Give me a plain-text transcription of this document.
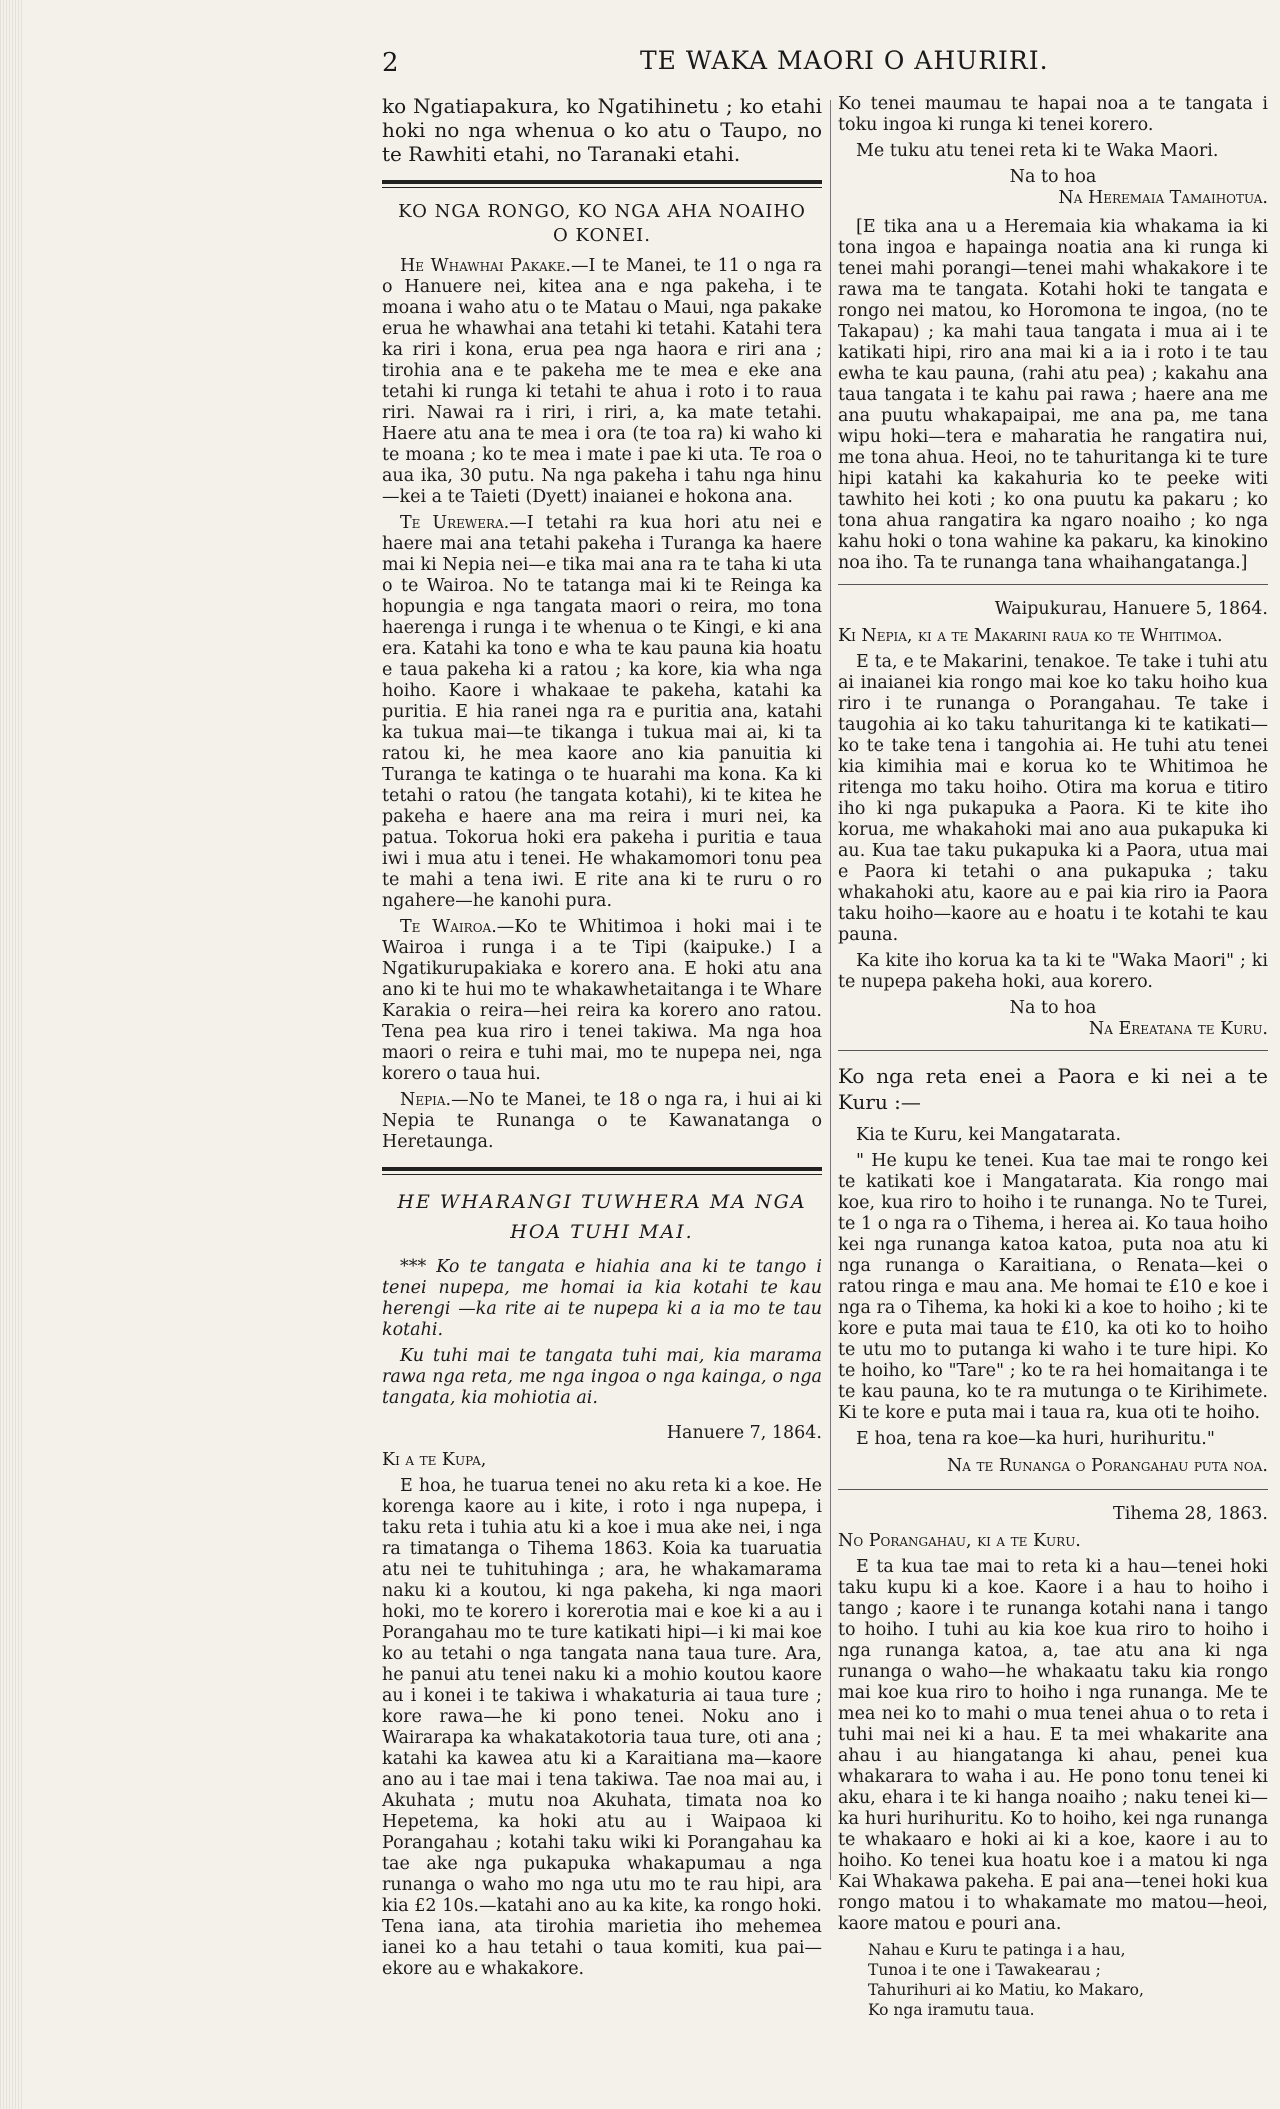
2	TE WAKA MAORI O AHURIRI.

ko Ngatiapakura, ko Ngatihinetu ; ko etahi hoki no nga whenua o ko atu o Taupo, no te Rawhiti etahi, no Taranaki etahi.

KO NGA RONGO, KO NGA AHA NOAIHO
O KONEI.

He Whawhai Pakake.—I te Manei, te 11 o nga ra o Hanuere nei, kitea ana e nga pakeha, i te moana i waho atu o te Matau o Maui, nga pakake erua he whawhai ana tetahi ki tetahi. Katahi tera ka riri i kona, erua pea nga haora e riri ana ; tirohia ana e te pakeha me te mea e eke ana tetahi ki runga ki tetahi te ahua i roto i to raua riri. Nawai ra i riri, i riri, a, ka mate tetahi. Haere atu ana te mea i ora (te toa ra) ki waho ki te moana ; ko te mea i mate i pae ki uta. Te roa o aua ika, 30 putu. Na nga pakeha i tahu nga hinu—kei a te Taieti (Dyett) inaianei e hokona ana.

Te Urewera.—I tetahi ra kua hori atu nei e haere mai ana tetahi pakeha i Turanga ka haere mai ki Nepia nei—e tika mai ana ra te taha ki uta o te Wairoa. No te tatanga mai ki te Reinga ka hopungia e nga tangata maori o reira, mo tona haerenga i runga i te whenua o te Kingi, e ki ana era. Katahi ka tono e wha te kau pauna kia hoatu e taua pakeha ki a ratou ; ka kore, kia wha nga hoiho. Kaore i whakaae te pakeha, katahi ka puritia. E hia ranei nga ra e puritia ana, katahi ka tukua mai—te tikanga i tukua mai ai, ki ta ratou ki, he mea kaore ano kia panuitia ki Turanga te katinga o te huarahi ma kona. Ka ki tetahi o ratou (he tangata kotahi), ki te kitea he pakeha e haere ana ma reira i muri nei, ka patua. Tokorua hoki era pakeha i puritia e taua iwi i mua atu i tenei. He whakamomori tonu pea te mahi a tena iwi. E rite ana ki te ruru o ro ngahere—he kanohi pura.

Te Wairoa.—Ko te Whitimoa i hoki mai i te Wairoa i runga i a te Tipi (kaipuke.) I a Ngatikurupakiaka e korero ana. E hoki atu ana ano ki te hui mo te whakawhetaitanga i te Whare Karakia o reira—hei reira ka korero ano ratou. Tena pea kua riro i tenei takiwa. Ma nga hoa maori o reira e tuhi mai, mo te nupepa nei, nga korero o taua hui.

Nepia.—No te Manei, te 18 o nga ra, i hui ai ki Nepia te Runanga o te Kawanatanga o Heretaunga.

HE WHARANGI TUWHERA MA NGA
HOA TUHI MAI.

*** Ko te tangata e hiahia ana ki te tango i tenei nupepa, me homai ia kia kotahi te kau herengi —ka rite ai te nupepa ki a ia mo te tau kotahi.

Ku tuhi mai te tangata tuhi mai, kia marama rawa nga reta, me nga ingoa o nga kainga, o nga tangata, kia mohiotia ai.

Hanuere 7, 1864.

Ki a te Kupa,

E hoa, he tuarua tenei no aku reta ki a koe. He korenga kaore au i kite, i roto i nga nupepa, i taku reta i tuhia atu ki a koe i mua ake nei, i nga ra timatanga o Tihema 1863. Koia ka tuaruatia atu nei te tuhituhinga ; ara, he whakamarama naku ki a koutou, ki nga pakeha, ki nga maori hoki, mo te korero i korerotia mai e koe ki a au i Porangahau mo te ture katikati hipi—i ki mai koe ko au tetahi o nga tangata nana taua ture. Ara, he panui atu tenei naku ki a mohio koutou kaore au i konei i te takiwa i whakaturia ai taua ture ; kore rawa—he ki pono tenei. Noku ano i Wairarapa ka whakatakotoria taua ture, oti ana ; katahi ka kawea atu ki a Karaitiana ma—kaore ano au i tae mai i tena takiwa. Tae noa mai au, i Akuhata ; mutu noa Akuhata, timata noa ko Hepetema, ka hoki atu au i Waipaoa ki Porangahau ; kotahi taku wiki ki Porangahau ka tae ake nga pukapuka whakapumau a nga runanga o waho mo nga utu mo te rau hipi, ara kia £2 10s.—katahi ano au ka kite, ka rongo hoki. Tena iana, ata tirohia marietia iho mehemea ianei ko a hau tetahi o taua komiti, kua pai—ekore au e whakakore.

Ko tenei maumau te hapai noa a te tangata i toku ingoa ki runga ki tenei korero.

Me tuku atu tenei reta ki te Waka Maori.

Na to hoa

Na Heremaia Tamaihotua.

[E tika ana u a Heremaia kia whakama ia ki tona ingoa e hapainga noatia ana ki runga ki tenei mahi porangi—tenei mahi whakakore i te rawa ma te tangata. Kotahi hoki te tangata e rongo nei matou, ko Horomona te ingoa, (no te Takapau) ; ka mahi taua tangata i mua ai i te katikati hipi, riro ana mai ki a ia i roto i te tau ewha te kau pauna, (rahi atu pea) ; kakahu ana taua tangata i te kahu pai rawa ; haere ana me ana puutu whakapaipai, me ana pa, me tana wipu hoki—tera e maharatia he rangatira nui, me tona ahua. Heoi, no te tahuritanga ki te ture hipi katahi ka kakahuria ko te peeke witi tawhito hei koti ; ko ona puutu ka pakaru ; ko tona ahua rangatira ka ngaro noaiho ; ko nga kahu hoki o tona wahine ka pakaru, ka kinokino noa iho. Ta te runanga tana whaihangatanga.]

Waipukurau, Hanuere 5, 1864.

Ki Nepia, ki a te Makarini raua ko te Whitimoa.

E ta, e te Makarini, tenakoe. Te take i tuhi atu ai inaianei kia rongo mai koe ko taku hoiho kua riro i te runanga o Porangahau. Te take i taugohia ai ko taku tahuritanga ki te katikati—ko te take tena i tangohia ai. He tuhi atu tenei kia kimihia mai e korua ko te Whitimoa he ritenga mo taku hoiho. Otira ma korua e titiro iho ki nga pukapuka a Paora. Ki te kite iho korua, me whakahoki mai ano aua pukapuka ki au. Kua tae taku pukapuka ki a Paora, utua mai e Paora ki tetahi o ana pukapuka ; taku whakahoki atu, kaore au e pai kia riro ia Paora taku hoiho—kaore au e hoatu i te kotahi te kau pauna.

Ka kite iho korua ka ta ki te "Waka Maori" ; ki te nupepa pakeha hoki, aua korero.

Na to hoa

Na Ereatana te Kuru.

Ko nga reta enei a Paora e ki nei a te Kuru :—

Kia te Kuru, kei Mangatarata.

" He kupu ke tenei. Kua tae mai te rongo kei te katikati koe i Mangatarata. Kia rongo mai koe, kua riro to hoiho i te runanga. No te Turei, te 1 o nga ra o Tihema, i herea ai. Ko taua hoiho kei nga runanga katoa katoa, puta noa atu ki nga runanga o Karaitiana, o Renata—kei o ratou ringa e mau ana. Me homai te £10 e koe i nga ra o Tihema, ka hoki ki a koe to hoiho ; ki te kore e puta mai taua te £10, ka oti ko to hoiho te utu mo to putanga ki waho i te ture hipi. Ko te hoiho, ko "Tare" ; ko te ra hei homaitanga i te te kau pauna, ko te ra mutunga o te Kirihimete. Ki te kore e puta mai i taua ra, kua oti te hoiho.

E hoa, tena ra koe—ka huri, hurihuritu."

Na te Runanga o Porangahau puta noa.

Tihema 28, 1863.

No Porangahau, ki a te Kuru.

E ta kua tae mai to reta ki a hau—tenei hoki taku kupu ki a koe. Kaore i a hau to hoiho i tango ; kaore i te runanga kotahi nana i tango to hoiho. I tuhi au kia koe kua riro to hoiho i nga runanga katoa, a, tae atu ana ki nga runanga o waho—he whakaatu taku kia rongo mai koe kua riro to hoiho i nga runanga. Me te mea nei ko to mahi o mua tenei ahua o to reta i tuhi mai nei ki a hau. E ta mei whakarite ana ahau i au hiangatanga ki ahau, penei kua whakarara to waha i au. He pono tonu tenei ki aku, ehara i te ki hanga noaiho ; naku tenei ki—ka huri hurihuritu. Ko to hoiho, kei nga runanga te whakaaro e hoki ai ki a koe, kaore i au to hoiho. Ko tenei kua hoatu koe i a matou ki nga Kai Whakawa pakeha. E pai ana—tenei hoki kua rongo matou i to whakamate mo matou—heoi, kaore matou e pouri ana.

Nahau e Kuru te patinga i a hau,
Tunoa i te one i Tawakearau ;
Tahurihuri ai ko Matiu, ko Makaro,
Ko nga iramutu taua.
